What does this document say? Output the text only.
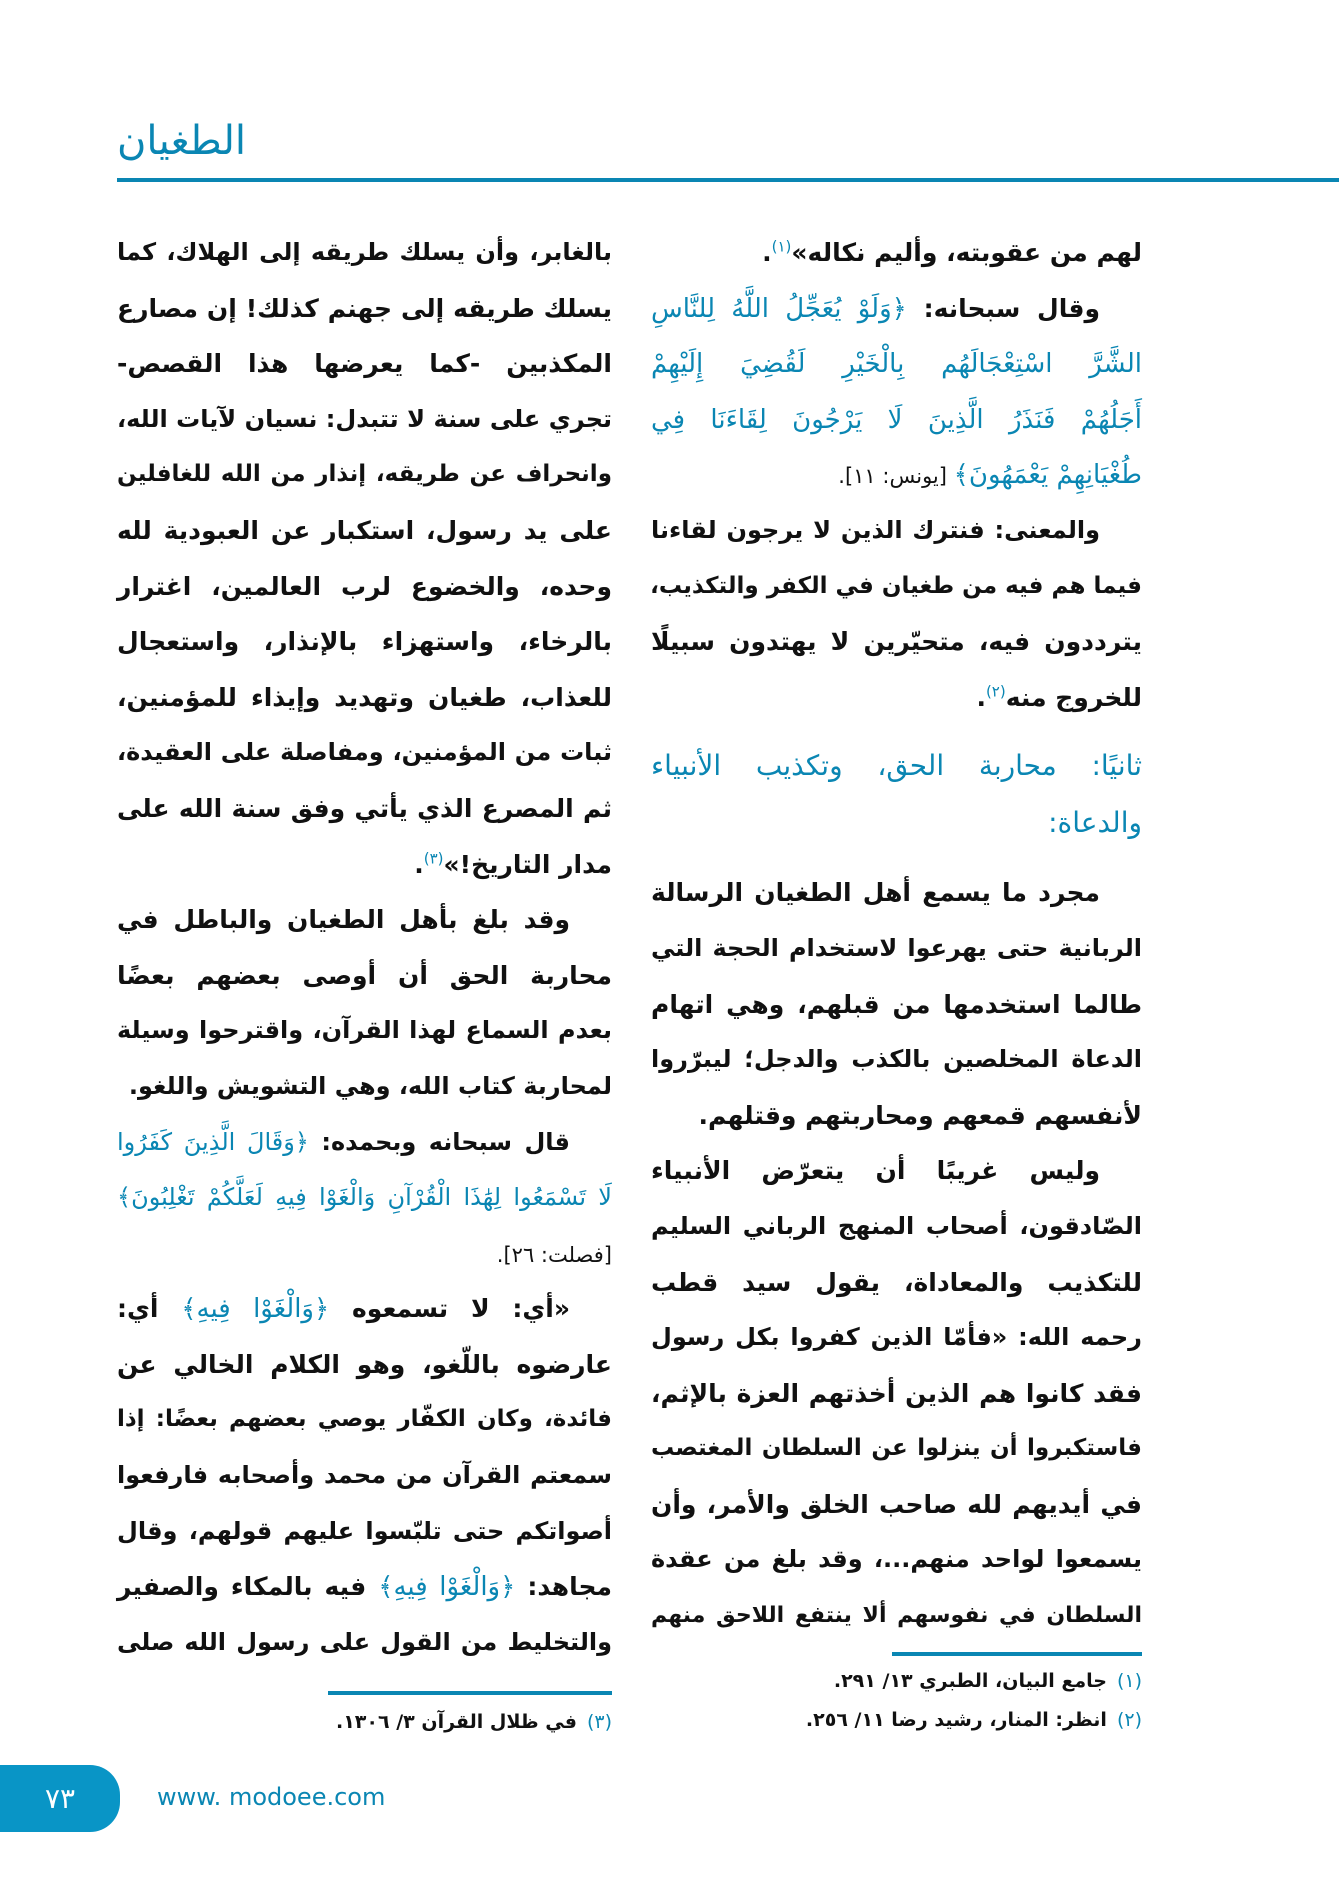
الطغيان
لهم من عقوبته، وأليم نكاله»$^{(١)}$.
وقال سبحانه: ﴿وَلَوْ يُعَجِّلُ اللَّهُ لِلنَّاسِ
الشَّرَّ اسْتِعْجَالَهُم بِالْخَيْرِ لَقُضِيَ إِلَيْهِمْ
أَجَلُهُمْ فَنَذَرُ الَّذِينَ لَا يَرْجُونَ لِقَاءَنَا فِي
طُغْيَانِهِمْ يَعْمَهُونَ﴾ [يونس: ١١].
والمعنى: فنترك الذين لا يرجون لقاءنا
فيما هم فيه من طغيان في الكفر والتكذيب،
يترددون فيه، متحيّرين لا يهتدون سبيلًا
للخروج منه$^{(٢)}$.
ثانيًا: محاربة الحق، وتكذيب الأنبياء
والدعاة:
مجرد ما يسمع أهل الطغيان الرسالة
الربانية حتى يهرعوا لاستخدام الحجة التي
طالما استخدمها من قبلهم، وهي اتهام
الدعاة المخلصين بالكذب والدجل؛ ليبرّروا
لأنفسهم قمعهم ومحاربتهم وقتلهم.
وليس غريبًا أن يتعرّض الأنبياء
الصّادقون، أصحاب المنهج الرباني السليم
للتكذيب والمعاداة، يقول سيد قطب
رحمه الله: «فأمّا الذين كفروا بكل رسول
فقد كانوا هم الذين أخذتهم العزة بالإثم،
فاستكبروا أن ينزلوا عن السلطان المغتصب
في أيديهم لله صاحب الخلق والأمر، وأن
يسمعوا لواحد منهم...، وقد بلغ من عقدة
السلطان في نفوسهم ألا ينتفع اللاحق منهم
بالغابر، وأن يسلك طريقه إلى الهلاك، كما
يسلك طريقه إلى جهنم كذلك! إن مصارع
المكذبين -كما يعرضها هذا القصص-
تجري على سنة لا تتبدل: نسيان لآيات الله،
وانحراف عن طريقه، إنذار من الله للغافلين
على يد رسول، استكبار عن العبودية لله
وحده، والخضوع لرب العالمين، اغترار
بالرخاء، واستهزاء بالإنذار، واستعجال
للعذاب، طغيان وتهديد وإيذاء للمؤمنين،
ثبات من المؤمنين، ومفاصلة على العقيدة،
ثم المصرع الذي يأتي وفق سنة الله على
مدار التاريخ!»$^{(٣)}$.
وقد بلغ بأهل الطغيان والباطل في
محاربة الحق أن أوصى بعضهم بعضًا
بعدم السماع لهذا القرآن، واقترحوا وسيلة
لمحاربة كتاب الله، وهي التشويش واللغو.
قال سبحانه وبحمده: ﴿وَقَالَ الَّذِينَ كَفَرُوا
لَا تَسْمَعُوا لِهَٰذَا الْقُرْآنِ وَالْغَوْا فِيهِ لَعَلَّكُمْ تَغْلِبُونَ﴾
[فصلت: ٢٦].
«أي: لا تسمعوه ﴿وَالْغَوْا فِيهِ﴾ أي:
عارضوه باللّغو، وهو الكلام الخالي عن
فائدة، وكان الكفّار يوصي بعضهم بعضًا: إذا
سمعتم القرآن من محمد وأصحابه فارفعوا
أصواتكم حتى تلبّسوا عليهم قولهم، وقال
مجاهد: ﴿وَالْغَوْا فِيهِ﴾ فيه بالمكاء والصفير
والتخليط من القول على رسول الله صلى
(١)جامع البيان، الطبري ١٣/ ٢٩١.
(٢)انظر: المنار، رشيد رضا ١١/ ٢٥٦.
(٣)في ظلال القرآن ٣/ ١٣٠٦.
٧٣	www. modoee.com
